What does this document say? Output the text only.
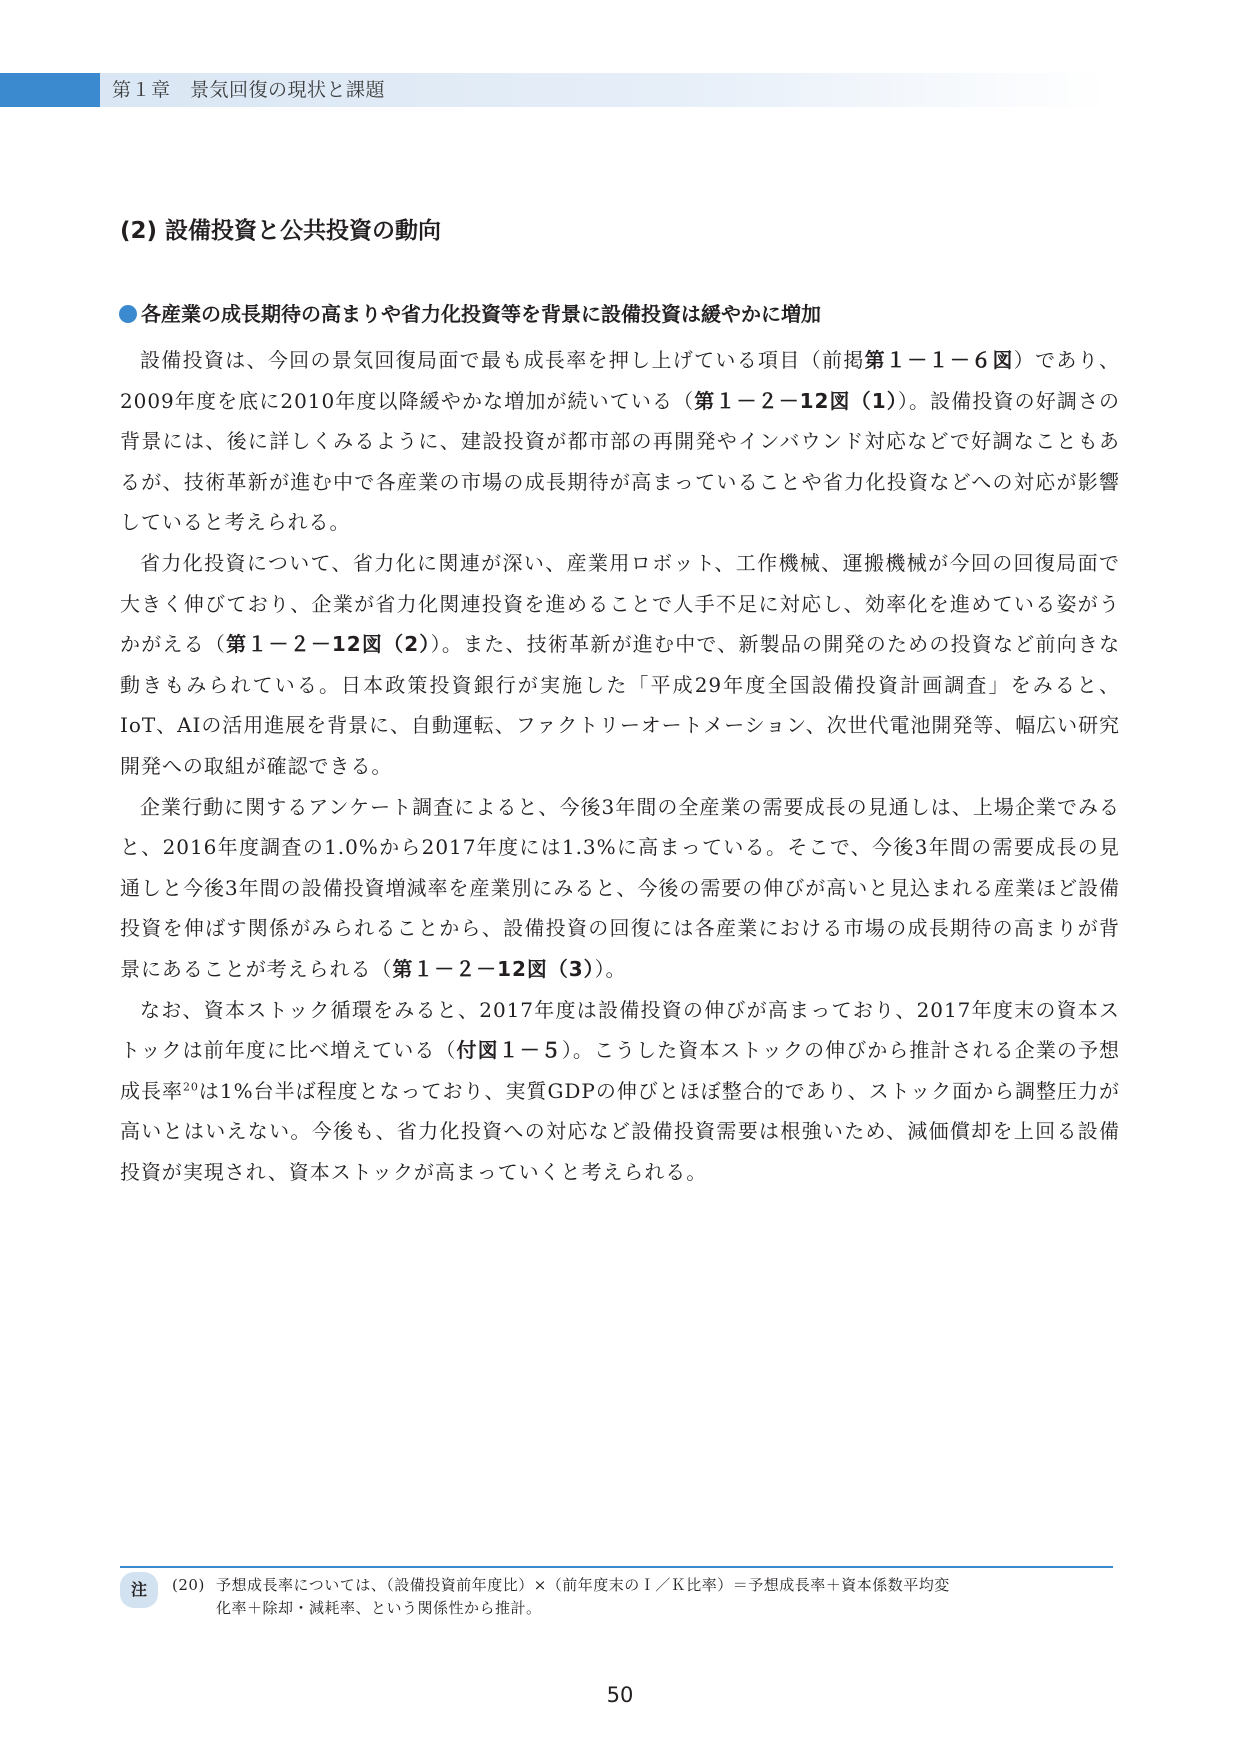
第１章　景気回復の現状と課題
(2) 設備投資と公共投資の動向
各産業の成長期待の高まりや省力化投資等を背景に設備投資は緩やかに増加

設備投資は、今回の景気回復局面で最も成長率を押し上げている項目（前掲第１－１－６図）であり、2009年度を底に2010年度以降緩やかな増加が続いている（第１－２－12図（1））。設備投資の好調さの背景には、後に詳しくみるように、建設投資が都市部の再開発やインバウンド対応などで好調なこともあるが、技術革新が進む中で各産業の市場の成長期待が高まっていることや省力化投資などへの対応が影響していると考えられる。

省力化投資について、省力化に関連が深い、産業用ロボット、工作機械、運搬機械が今回の回復局面で大きく伸びており、企業が省力化関連投資を進めることで人手不足に対応し、効率化を進めている姿がうかがえる（第１－２－12図（2））。また、技術革新が進む中で、新製品の開発のための投資など前向きな動きもみられている。日本政策投資銀行が実施した「平成29年度全国設備投資計画調査」をみると、IoT、AIの活用進展を背景に、自動運転、ファクトリーオートメーション、次世代電池開発等、幅広い研究開発への取組が確認できる。

企業行動に関するアンケート調査によると、今後3年間の全産業の需要成長の見通しは、上場企業でみると、2016年度調査の1.0%から2017年度には1.3%に高まっている。そこで、今後3年間の需要成長の見通しと今後3年間の設備投資増減率を産業別にみると、今後の需要の伸びが高いと見込まれる産業ほど設備投資を伸ばす関係がみられることから、設備投資の回復には各産業における市場の成長期待の高まりが背景にあることが考えられる（第１－２－12図（3））。

なお、資本ストック循環をみると、2017年度は設備投資の伸びが高まっており、2017年度末の資本ストックは前年度に比べ増えている（付図１－５）。こうした資本ストックの伸びから推計される企業の予想成長率$^{20}$は1%台半ば程度となっており、実質GDPの伸びとほぼ整合的であり、ストック面から調整圧力が高いとはいえない。今後も、省力化投資への対応など設備投資需要は根強いため、減価償却を上回る設備投資が実現され、資本ストックが高まっていくと考えられる。

注	(20) 予想成長率については、（設備投資前年度比）×（前年度末のＩ／Ｋ比率）＝予想成長率＋資本係数平均変
化率＋除却・減耗率、という関係性から推計。
50
